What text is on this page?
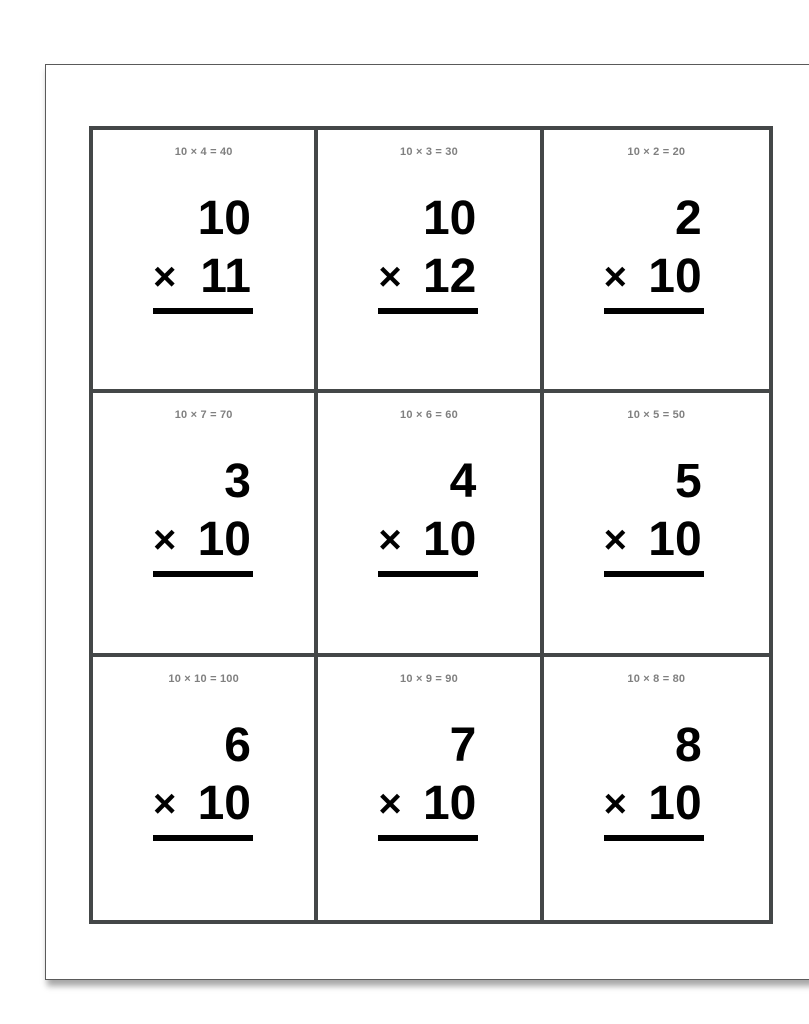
10 × 4 = 40
10
× 11
10 × 3 = 30
10
× 12
10 × 2 = 20
2
× 10
10 × 7 = 70
3
× 10
10 × 6 = 60
4
× 10
10 × 5 = 50
5
× 10
10 × 10 = 100
6
× 10
10 × 9 = 90
7
× 10
10 × 8 = 80
8
× 10
